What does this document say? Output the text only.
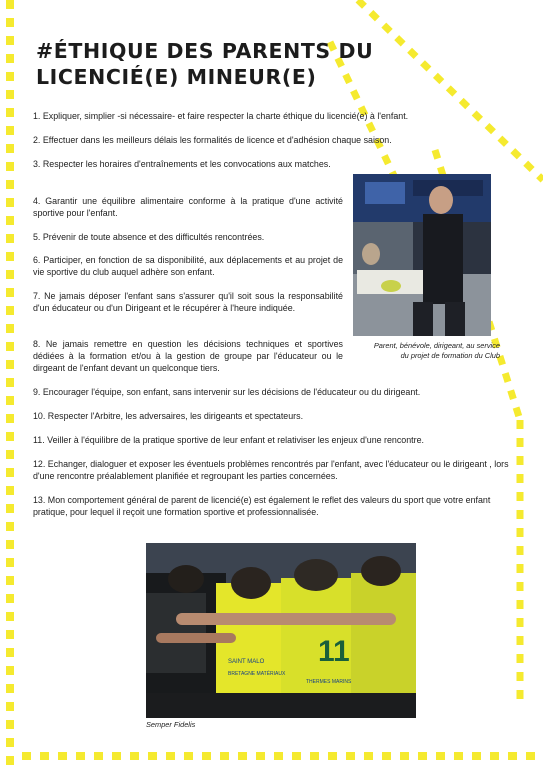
#ÉTHIQUE DES PARENTS DU LICENCIÉ(E) MINEUR(E)

1. Expliquer, simplier -si nécessaire- et faire respecter la charte éthique du licencié(e) à l'enfant.

2. Effectuer dans les meilleurs délais les formalités de licence et d'adhésion chaque saison.

3. Respecter les horaires d'entraînements et les convocations aux matches.

4. Garantir une équilibre alimentaire conforme à la pratique d'une activité sportive pour l'enfant.

5. Prévenir de toute absence et des difficultés rencontrées.

6. Participer, en fonction de sa disponibilité, aux déplacements et au projet de vie sportive du club auquel adhère son enfant.

7. Ne jamais déposer l'enfant sans s'assurer qu'il soit sous la responsabilité d'un éducateur ou d'un Dirigeant et le récupérer à l'heure indiquée.

8. Ne jamais remettre en question les décisions techniques et sportives dédiées à la formation et/ou à la gestion de groupe par l'éducateur ou le dirgeant de l'enfant devant un quelconque tiers.

9. Encourager l'équipe, son enfant, sans intervenir sur les décisions de l'éducateur ou du dirigeant.

10. Respecter l'Arbitre, les adversaires, les dirigeants et spectateurs.

11. Veiller à l'équilibre de la pratique sportive de leur enfant et relativiser les enjeux d'une rencontre.

12. Echanger, dialoguer et exposer les éventuels problèmes rencontrés par l'enfant, avec l'éducateur ou le dirigeant , lors d'une rencontre préalablement planifiée et regroupant les parties concernées.

13. Mon comportement général de parent de licencié(e) est également le reflet des valeurs du sport que votre enfant pratique, pour lequel il reçoit une formation sportive et professionnalisée.

Parent, bénévole, dirigeant, au service
du projet de formation du Club

11
SAINT MALO
BRETAGNE MATÉRIAUX
THERMES MARINS

Semper Fidelis
